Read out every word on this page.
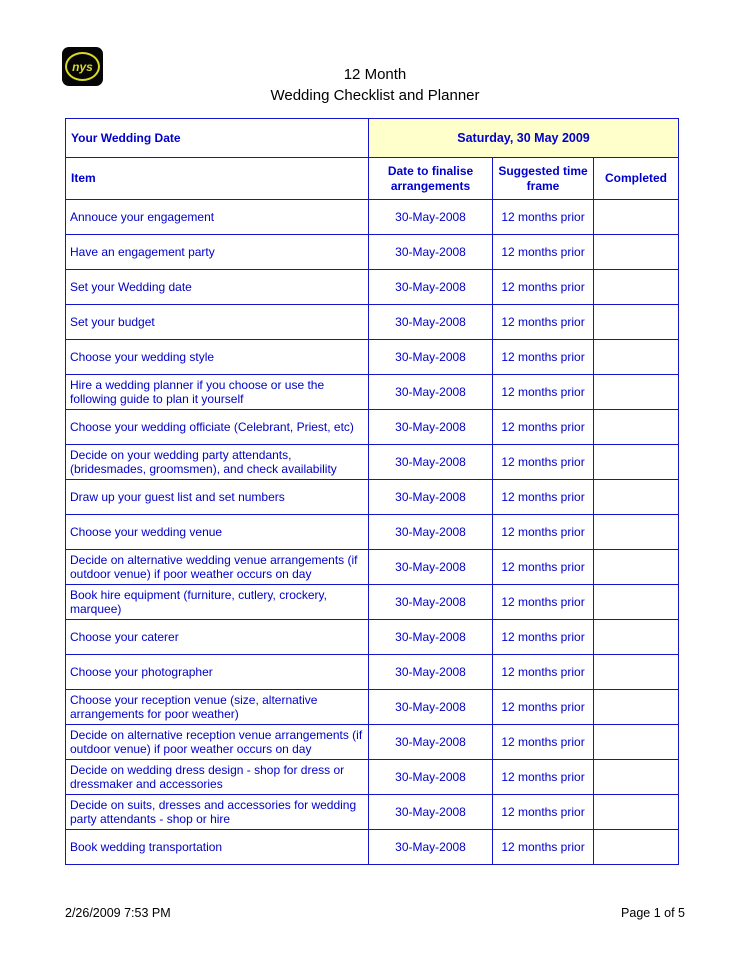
nys	12 Month
Wedding Checklist and Planner
Your Wedding Date	Saturday, 30 May 2009		
Item	Date to finalise arrangements	Suggested time frame	Completed

Annouce your engagement	30-May-2008	12 months prior	

Have an engagement party	30-May-2008	12 months prior	

Set your Wedding date	30-May-2008	12 months prior	

Set your budget	30-May-2008	12 months prior	

Choose your wedding style	30-May-2008	12 months prior	

Hire a wedding planner if you choose or use the following guide to plan it yourself	30-May-2008	12 months prior	

Choose your wedding officiate (Celebrant, Priest, etc)	30-May-2008	12 months prior	

Decide on your wedding party attendants, (bridesmades, groomsmen), and check availability	30-May-2008	12 months prior	

Draw up your guest list and set numbers	30-May-2008	12 months prior	

Choose your wedding venue	30-May-2008	12 months prior	

Decide on alternative wedding venue arrangements (if outdoor venue) if poor weather occurs on day	30-May-2008	12 months prior	

Book hire equipment (furniture, cutlery, crockery, marquee)	30-May-2008	12 months prior	

Choose your caterer	30-May-2008	12 months prior	

Choose your photographer	30-May-2008	12 months prior	

Choose your reception venue (size, alternative arrangements for poor weather)	30-May-2008	12 months prior	

Decide on alternative reception venue arrangements (if outdoor venue) if poor weather occurs on day	30-May-2008	12 months prior	

Decide on wedding dress design - shop for dress or dressmaker and accessories	30-May-2008	12 months prior	

Decide on suits, dresses and accessories for wedding party attendants - shop or hire	30-May-2008	12 months prior	

Book wedding transportation	30-May-2008	12 months prior	
2/26/2009 7:53 PM	Page 1 of 5
